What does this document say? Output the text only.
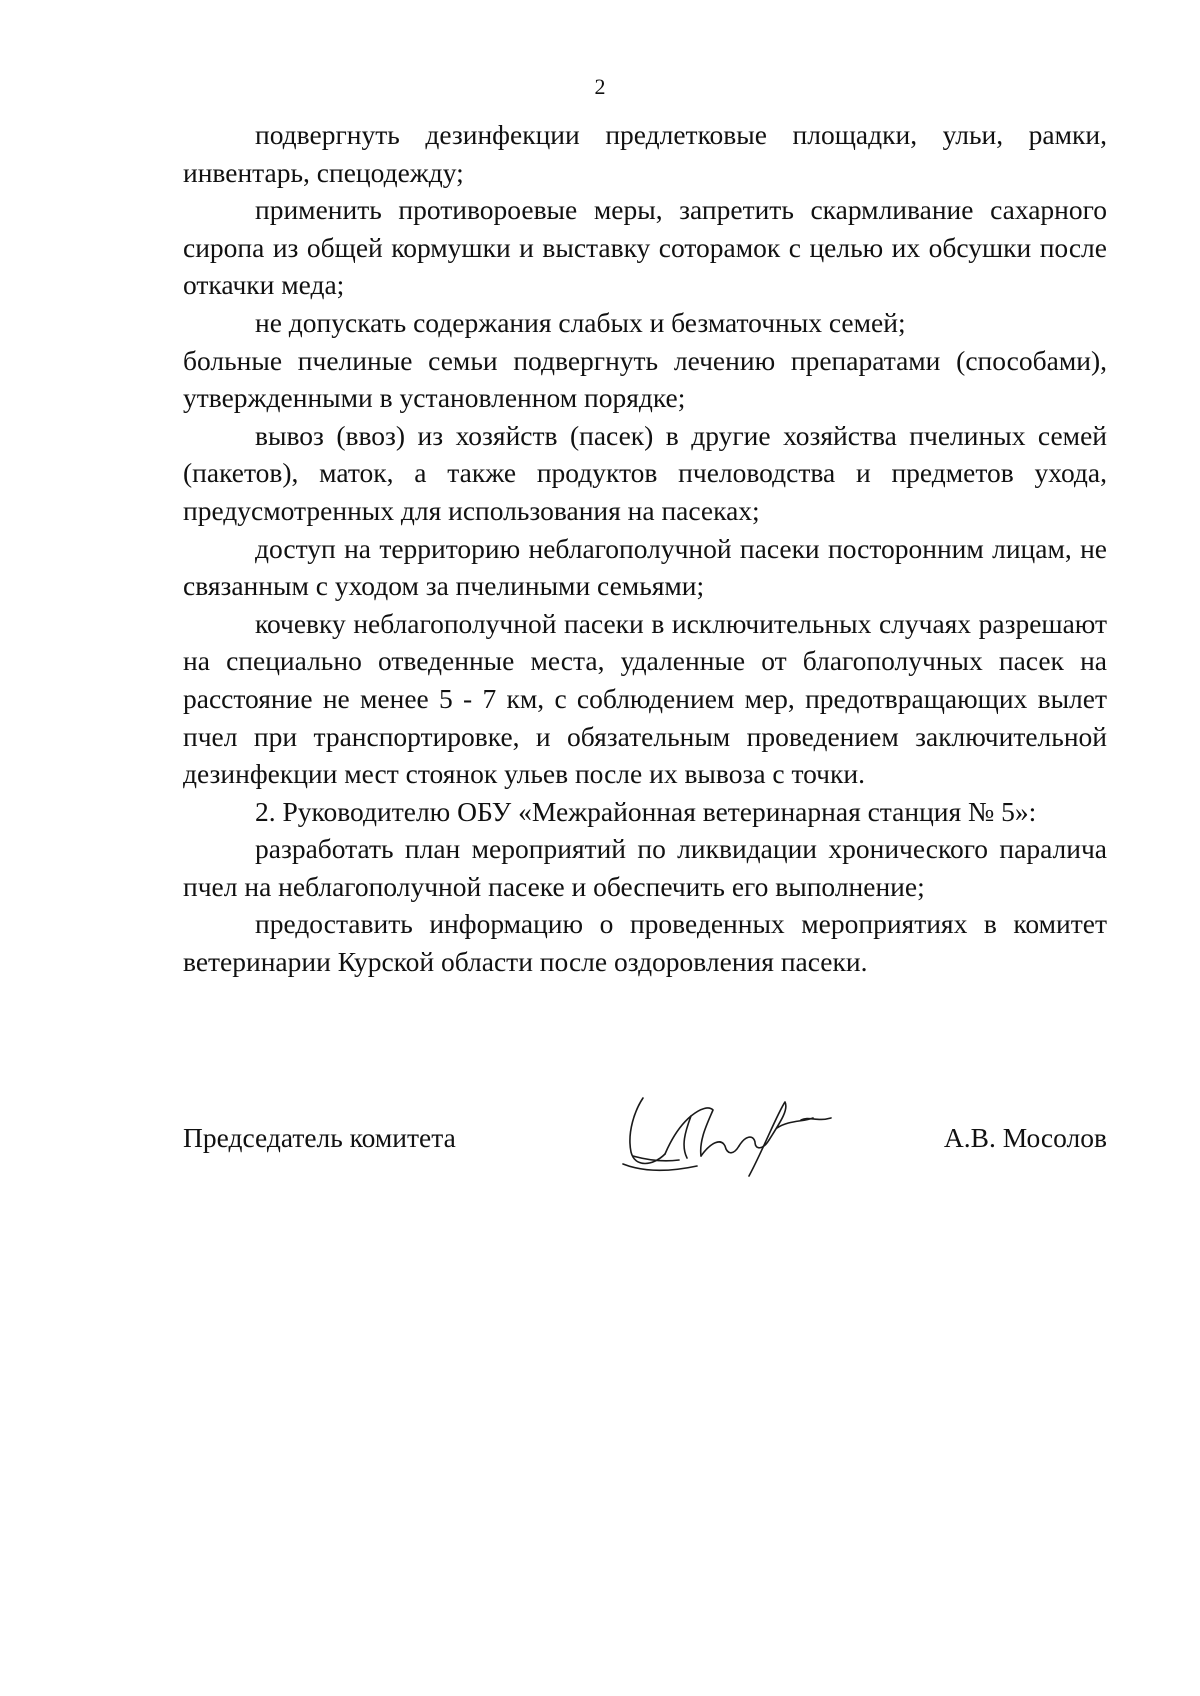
2

подвергнуть дезинфекции предлетковые площадки, ульи, рамки, инвентарь, спецодежду;

применить противороевые меры, запретить скармливание сахарного сиропа из общей кормушки и выставку соторамок с целью их обсушки после откачки меда;

не допускать содержания слабых и безматочных семей;

больные пчелиные семьи подвергнуть лечению препаратами (способами), утвержденными в установленном порядке;

вывоз (ввоз) из хозяйств (пасек) в другие хозяйства пчелиных семей (пакетов), маток, а также продуктов пчеловодства и предметов ухода, предусмотренных для использования на пасеках;

доступ на территорию неблагополучной пасеки посторонним лицам, не связанным с уходом за пчелиными семьями;

кочевку неблагополучной пасеки в исключительных случаях разрешают на специально отведенные места, удаленные от благополучных пасек на расстояние не менее 5 - 7 км, с соблюдением мер, предотвращающих вылет пчел при транспортировке, и обязательным проведением заключительной дезинфекции мест стоянок ульев после их вывоза с точки.

2. Руководителю ОБУ «Межрайонная ветеринарная станция № 5»:

разработать план мероприятий по ликвидации хронического паралича пчел на неблагополучной пасеке и обеспечить его выполнение;

предоставить информацию о проведенных мероприятиях в комитет ветеринарии Курской области после оздоровления пасеки.

Председатель комитета	А.В. Мосолов
